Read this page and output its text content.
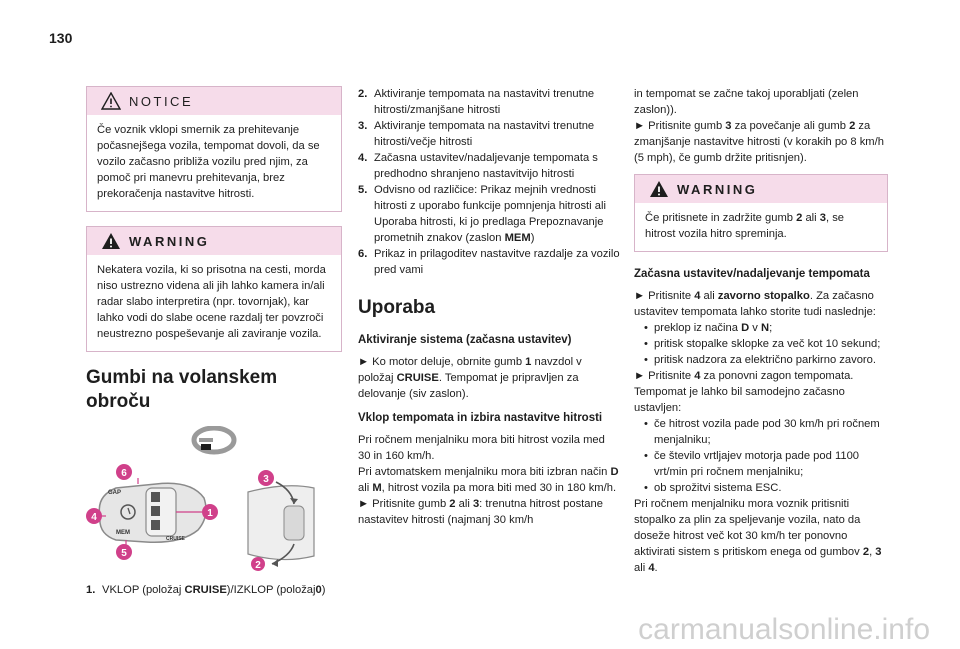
130
NOTICE
Če voznik vklopi smernik za prehitevanje počasnejšega vozila, tempomat dovoli, da se vozilo začasno približa vozilu pred njim, za pomoč pri manevru prehitevanja, brez prekoračenja nastavitve hitrosti.
WARNING
Nekatera vozila, ki so prisotna na cesti, morda niso ustrezno videna ali jih lahko kamera in/ali radar slabo interpretira (npr. tovornjak), kar lahko vodi do slabe ocene razdalj ter povzroči neustrezno pospeševanje ali zaviranje vozila.
Gumbi na volanskem obroču
GAP
MEM
CRUISE
6
4
5
1
3
2
1. VKLOP (položaj CRUISE)/IZKLOP (položaj0)
2. Aktiviranje tempomata na nastavitvi trenutne hitrosti/zmanjšane hitrosti
3. Aktiviranje tempomata na nastavitvi trenutne hitrosti/večje hitrosti
4. Začasna ustavitev/nadaljevanje tempomata s predhodno shranjeno nastavitvijo hitrosti
5. Odvisno od različice: Prikaz mejnih vrednosti hitrosti z uporabo funkcije pomnjenja hitrosti ali Uporaba hitrosti, ki jo predlaga Prepoznavanje prometnih znakov (zaslon MEM)
6. Prikaz in prilagoditev nastavitve razdalje za vozilo pred vami
Uporaba
Aktiviranje sistema (začasna ustavitev)

► Ko motor deluje, obrnite gumb 1 navzdol v položaj CRUISE. Tempomat je pripravljen za delovanje (siv zaslon).

Vklop tempomata in izbira nastavitve hitrosti

Pri ročnem menjalniku mora biti hitrost vozila med 30 in 160 km/h.

Pri avtomatskem menjalniku mora biti izbran način D ali M, hitrost vozila pa mora biti med 30 in 180 km/h.

► Pritisnite gumb 2 ali 3: trenutna hitrost postane nastavitev hitrosti (najmanj 30 km/h

in tempomat se začne takoj uporabljati (zelen zaslon)).

► Pritisnite gumb 3 za povečanje ali gumb 2 za zmanjšanje nastavitve hitrosti (v korakih po 8 km/h (5 mph), če gumb držite pritisnjen).

WARNING
Če pritisnete in zadržite gumb 2 ali 3, se hitrost vozila hitro spreminja.
Začasna ustavitev/nadaljevanje tempomata

► Pritisnite 4 ali zavorno stopalko. Za začasno ustavitev tempomata lahko storite tudi naslednje:

• preklop iz načina D v N;
• pritisk stopalke sklopke za več kot 10 sekund;
• pritisk nadzora za električno parkirno zavoro.

► Pritisnite 4 za ponovni zagon tempomata.

Tempomat je lahko bil samodejno začasno ustavljen:

• če hitrost vozila pade pod 30 km/h pri ročnem menjalniku;
• če število vrtljajev motorja pade pod 1100 vrt/min pri ročnem menjalniku;
• ob sprožitvi sistema ESC.

Pri ročnem menjalniku mora voznik pritisniti stopalko za plin za speljevanje vozila, nato da doseže hitrost več kot 30 km/h ter ponovno aktivirati sistem s pritiskom enega od gumbov 2, 3 ali 4.

carmanualsonline.info
